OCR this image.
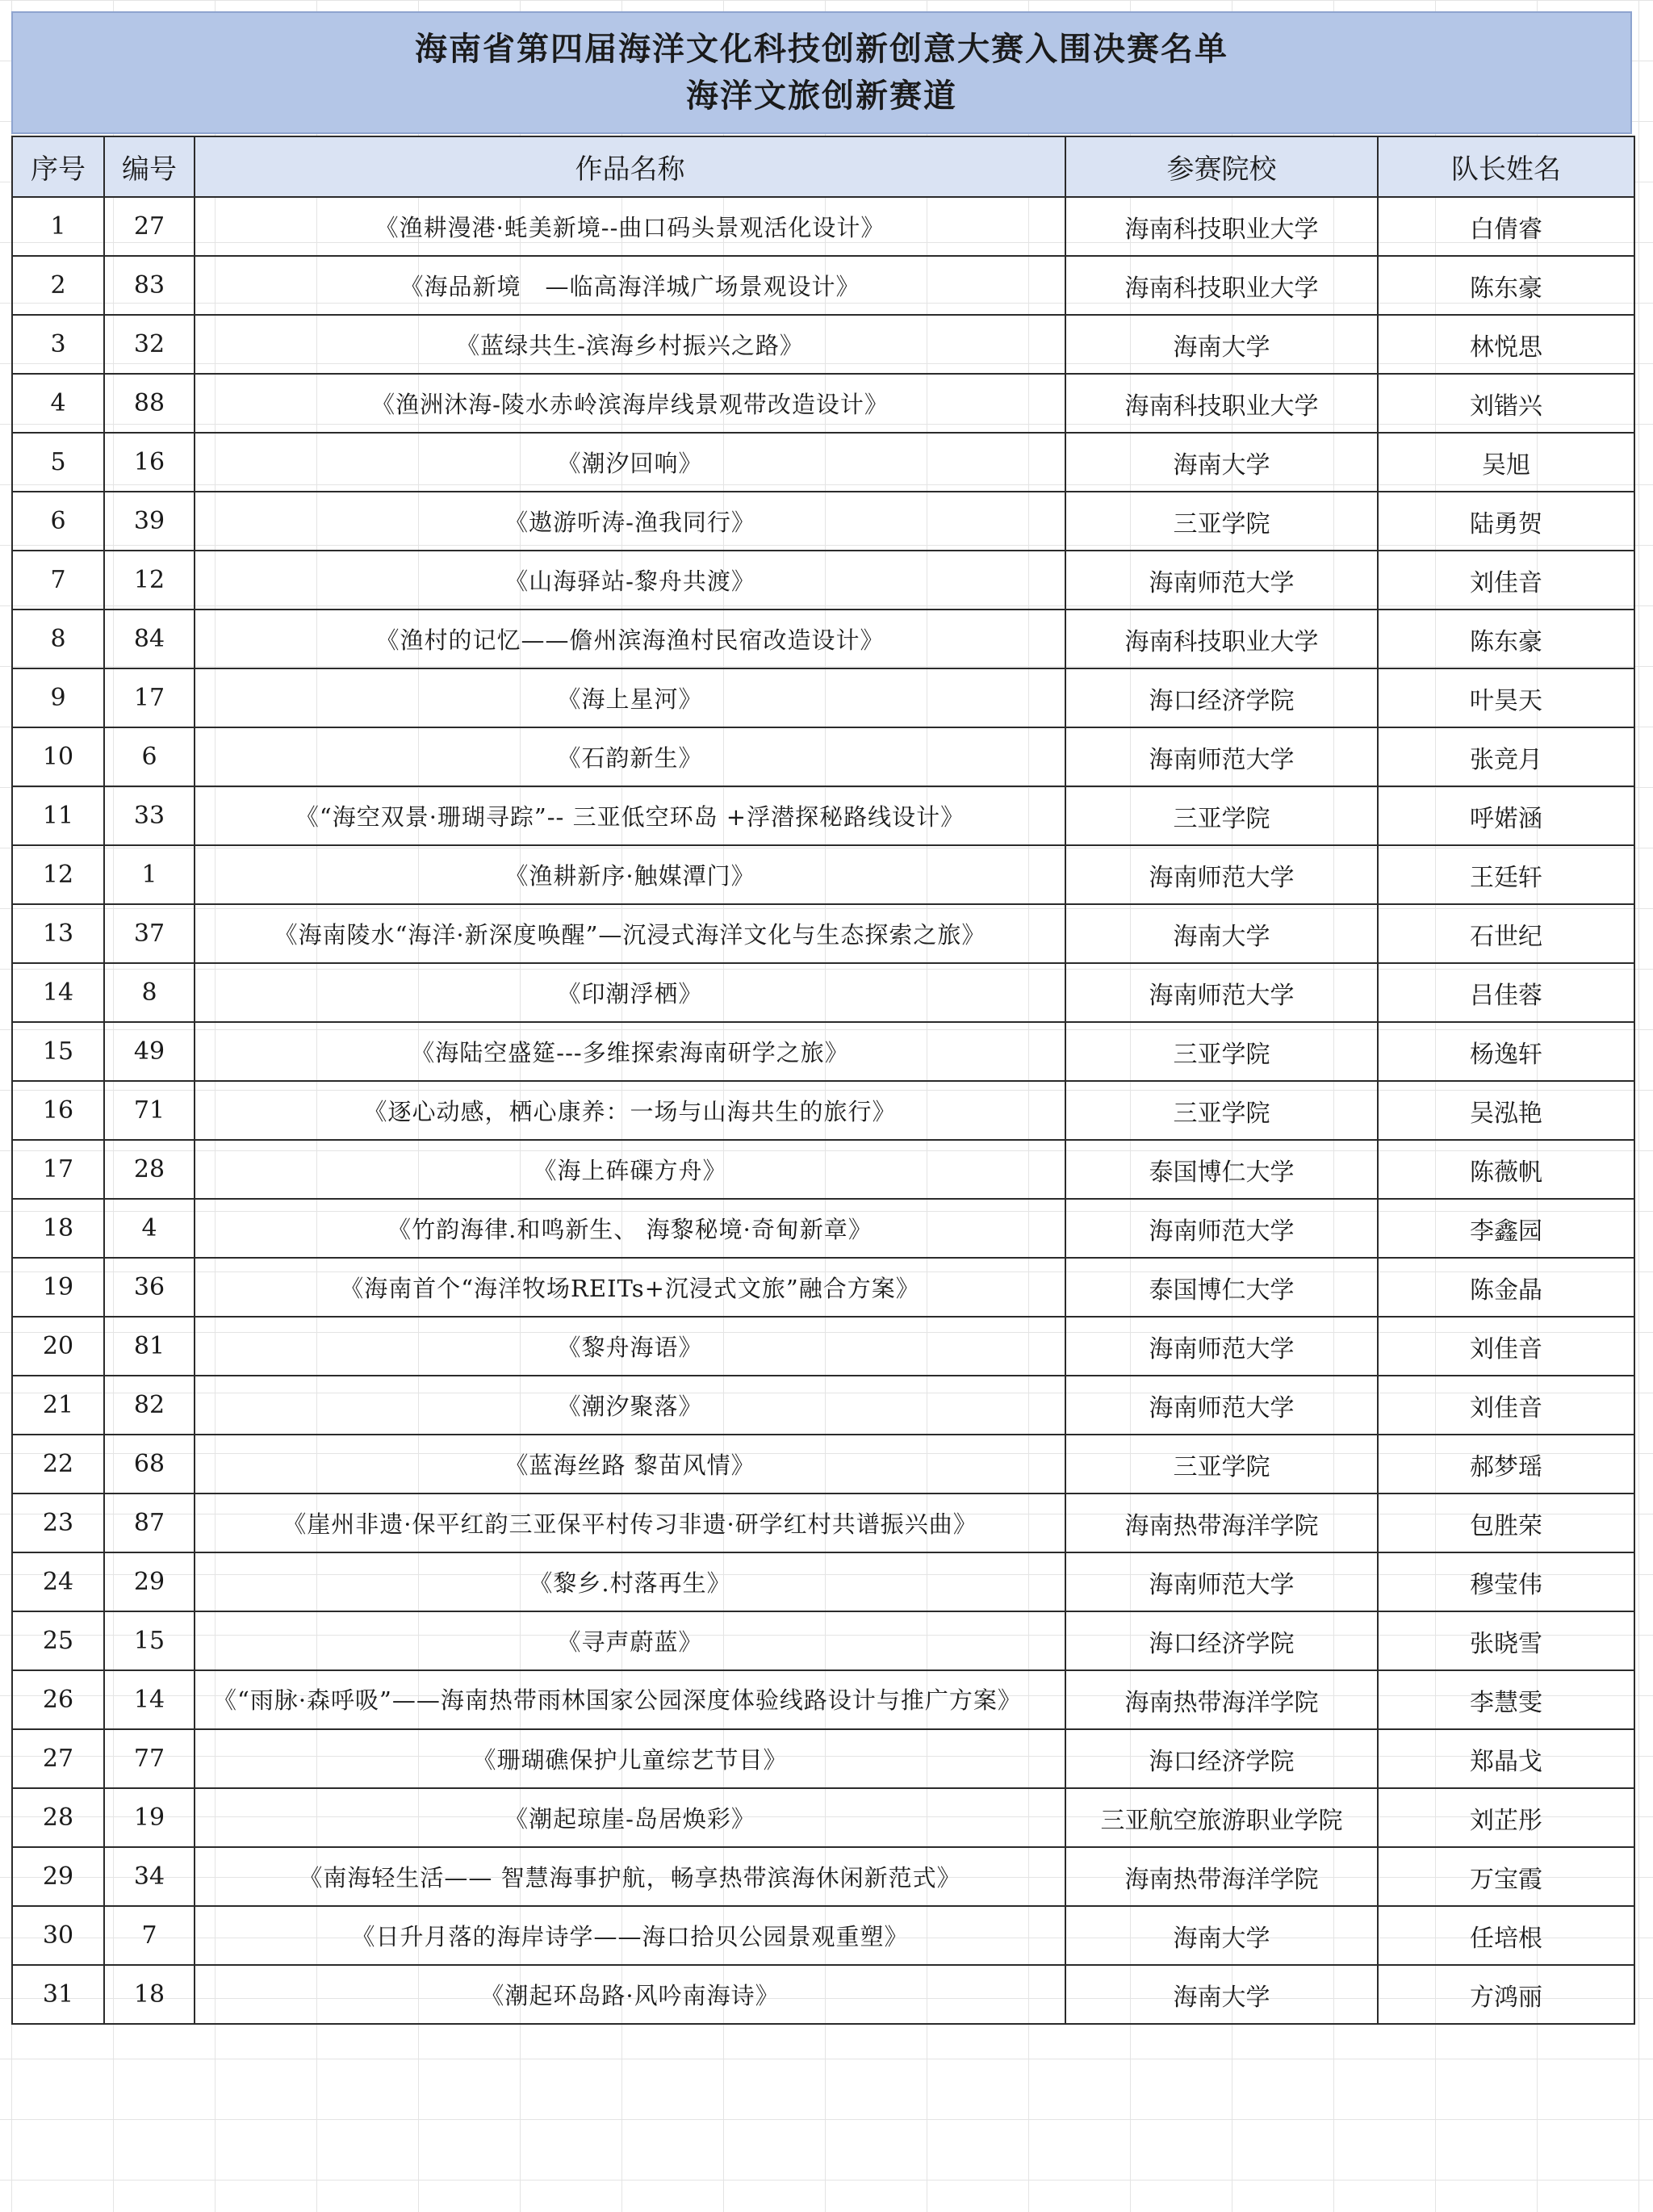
海南省第四届海洋文化科技创新创意大赛入围决赛名单
海洋文旅创新赛道
序号	编号	作品名称	参赛院校	队长姓名
1	27	《渔耕漫港·蚝美新境--曲口码头景观活化设计》	海南科技职业大学	白倩睿
2	83	《海品新境　—临高海洋城广场景观设计》	海南科技职业大学	陈东豪
3	32	《蓝绿共生-滨海乡村振兴之路》	海南大学	林悦思
4	88	《渔洲沐海-陵水赤岭滨海岸线景观带改造设计》	海南科技职业大学	刘锴兴
5	16	《潮汐回响》	海南大学	吴旭
6	39	《遨游听涛-渔我同行》	三亚学院	陆勇贺
7	12	《山海驿站-黎舟共渡》	海南师范大学	刘佳音
8	84	《渔村的记忆——儋州滨海渔村民宿改造设计》	海南科技职业大学	陈东豪
9	17	《海上星河》	海口经济学院	叶昊天
10	6	《石韵新生》	海南师范大学	张竞月
11	33	《“海空双景·珊瑚寻踪”-- 三亚低空环岛 +浮潜探秘路线设计》	三亚学院	呼婼涵
12	1	《渔耕新序·触媒潭门》	海南师范大学	王廷轩
13	37	《海南陵水“海洋·新深度唤醒”—沉浸式海洋文化与生态探索之旅》	海南大学	石世纪
14	8	《印潮浮栖》	海南师范大学	吕佳蓉
15	49	《海陆空盛筵---多维探索海南研学之旅》	三亚学院	杨逸轩
16	71	《逐心动感，栖心康养：一场与山海共生的旅行》	三亚学院	吴泓艳
17	28	《海上砗磲方舟》	泰国博仁大学	陈薇帆
18	4	《竹韵海律.和鸣新生、 海黎秘境·奇甸新章》	海南师范大学	李鑫园
19	36	《海南首个“海洋牧场REITs+沉浸式文旅”融合方案》	泰国博仁大学	陈金晶
20	81	《黎舟海语》	海南师范大学	刘佳音
21	82	《潮汐聚落》	海南师范大学	刘佳音
22	68	《蓝海丝路 黎苗风情》	三亚学院	郝梦瑶
23	87	《崖州非遗·保平红韵三亚保平村传习非遗·研学红村共谱振兴曲》	海南热带海洋学院	包胜荣
24	29	《黎乡.村落再生》	海南师范大学	穆莹伟
25	15	《寻声蔚蓝》	海口经济学院	张晓雪
26	14	《“雨脉·森呼吸”——海南热带雨林国家公园深度体验线路设计与推广方案》	海南热带海洋学院	李慧雯
27	77	《珊瑚礁保护儿童综艺节目》	海口经济学院	郑晶戈
28	19	《潮起琼崖-岛居焕彩》	三亚航空旅游职业学院	刘芷彤
29	34	《南海轻生活—— 智慧海事护航，畅享热带滨海休闲新范式》	海南热带海洋学院	万宝霞
30	7	《日升月落的海岸诗学——海口拾贝公园景观重塑》	海南大学	任培根
31	18	《潮起环岛路·风吟南海诗》	海南大学	方鸿丽
